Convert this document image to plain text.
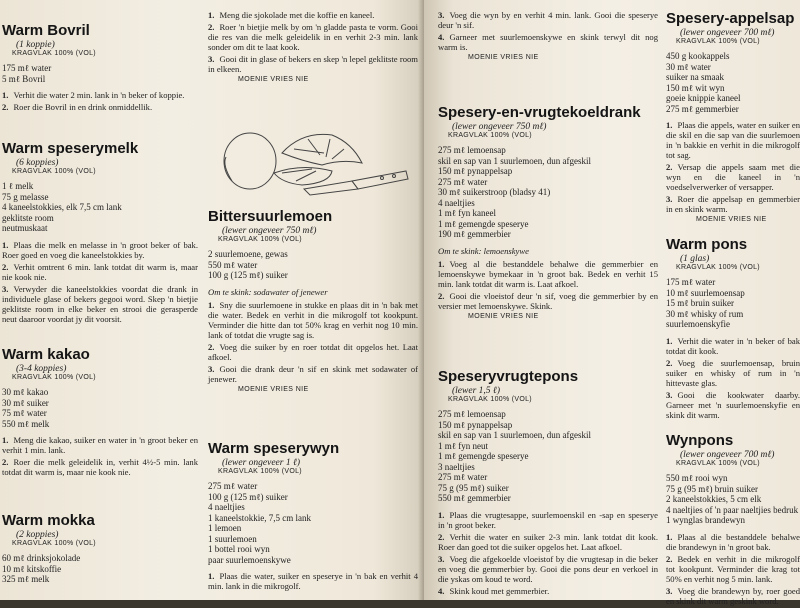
Warm Bovril
(1 koppie)
KRAGVLAK 100% (VOL)
175 mℓ water
5 mℓ Bovril
1. Verhit die water 2 min. lank in 'n beker of koppie.
2. Roer die Bovril in en drink onmiddellik.
Warm speserymelk
(6 koppies)
KRAGVLAK 100% (VOL)
1 ℓ melk
75 g melasse
4 kaneelstokkies, elk 7,5 cm lank
geklitste room
neutmuskaat
1. Plaas die melk en melasse in 'n groot beker of bak. Roer goed en voeg die kaneelstokkies by.
2. Verhit omtrent 6 min. lank totdat dit warm is, maar nie kook nie.
3. Verwyder die kaneelstokkies voordat die drank in individuele glase of bekers gegooi word. Skep 'n bietjie geklitste room in elke beker en strooi die gerasperde neut daaroor voordat jy dit voorsit.
Warm kakao
(3-4 koppies)
KRAGVLAK 100% (VOL)
30 mℓ kakao
30 mℓ suiker
75 mℓ water
550 mℓ melk
1. Meng die kakao, suiker en water in 'n groot beker en verhit 1 min. lank.
2. Roer die melk geleidelik in, verhit 4½-5 min. lank totdat dit warm is, maar nie kook nie.
Warm mokka
(2 koppies)
KRAGVLAK 100% (VOL)
60 mℓ drinksjokolade
10 mℓ kitskoffie
325 mℓ melk
1. Meng die sjokolade met die koffie en kaneel.
2. Roer 'n bietjie melk by om 'n gladde pasta te vorm. Gooi die res van die melk geleidelik in en verhit 2-3 min. lank sonder om dit te laat kook.
3. Gooi dit in glase of bekers en skep 'n lepel geklitste room in elkeen.
MOENIE VRIES NIE
Bittersuurlemoen
(lewer ongeveer 750 mℓ)
KRAGVLAK 100% (VOL)
2 suurlemoene, gewas
550 mℓ water
100 g (125 mℓ) suiker
Om te skink: sodawater of jenewer
1. Sny die suurlemoene in stukke en plaas dit in 'n bak met die water. Bedek en verhit in die mikrogolf tot kookpunt. Verminder die hitte dan tot 50% krag en verhit nog 10 min. lank of totdat die vrugte sag is.
2. Voeg die suiker by en roer totdat dit opgelos het. Laat afkoel.
3. Gooi die drank deur 'n sif en skink met sodawater of jenewer.
MOENIE VRIES NIE
Warm speserywyn
(lewer ongeveer 1 ℓ)
KRAGVLAK 100% (VOL)
275 mℓ water
100 g (125 mℓ) suiker
4 naeltjies
1 kaneelstokkie, 7,5 cm lank
1 lemoen
1 suurlemoen
1 bottel rooi wyn
paar suurlemoenskywe
1. Plaas die water, suiker en speserye in 'n bak en verhit 4 min. lank in die mikrogolf.
3. Voeg die wyn by en verhit 4 min. lank. Gooi die speserye deur 'n sif.
4. Garneer met suurlemoenskywe en skink terwyl dit nog warm is.
MOENIE VRIES NIE
Spesery-en-vrugtekoeldrank
(lewer ongeveer 750 mℓ)
KRAGVLAK 100% (VOL)
275 mℓ lemoensap
skil en sap van 1 suurlemoen, dun afgeskil
150 mℓ pynappelsap
275 mℓ water
30 mℓ suikerstroop (bladsy 41)
4 naeltjies
1 mℓ fyn kaneel
1 mℓ gemengde speserye
190 mℓ gemmerbier
Om te skink: lemoenskywe
1. Voeg al die bestanddele behalwe die gemmerbier en lemoenskywe bymekaar in 'n groot bak. Bedek en verhit 15 min. lank totdat dit warm is. Laat afkoel.
2. Gooi die vloeistof deur 'n sif, voeg die gemmerbier by en versier met lemoenskywe. Skink.
MOENIE VRIES NIE
Speseryvrugtepons
(lewer 1,5 ℓ)
KRAGVLAK 100% (VOL)
275 mℓ lemoensap
150 mℓ pynappelsap
skil en sap van 1 suurlemoen, dun afgeskil
1 mℓ fyn neut
1 mℓ gemengde speserye
3 naeltjies
275 mℓ water
75 g (95 mℓ) suiker
550 mℓ gemmerbier
1. Plaas die vrugtesappe, suurlemoenskil en -sap en speserye in 'n groot beker.
2. Verhit die water en suiker 2-3 min. lank totdat dit kook. Roer dan goed tot die suiker opgelos het. Laat afkoel.
3. Voeg die afgekoelde vloeistof by die vrugtesap in die beker en voeg die gemmerbier by. Gooi die pons deur en verkoel in die yskas om koud te word.
4. Skink koud met gemmerbier.
Spesery-appelsap
(lewer ongeveer 700 mℓ)
KRAGVLAK 100% (VOL)
450 g kookappels
30 mℓ water
suiker na smaak
150 mℓ wit wyn
goeie knippie kaneel
275 mℓ gemmerbier
1. Plaas die appels, water en suiker en die skil en die sap van die suurlemoen in 'n bakkie en verhit in die mikrogolf tot sag.
2. Versap die appels saam met die wyn en die kaneel in 'n voedselverwerker of versapper.
3. Roer die appelsap en gemmerbier in en skink warm.
MOENIE VRIES NIE
Warm pons
(1 glas)
KRAGVLAK 100% (VOL)
175 mℓ water
10 mℓ suurlemoensap
15 mℓ bruin suiker
30 mℓ whisky of rum
suurlemoenskyfie
1. Verhit die water in 'n beker of bak totdat dit kook.
2. Voeg die suurlemoensap, bruin suiker en whisky of rum in 'n hittevaste glas.
3. Gooi die kookwater daarby. Garneer met 'n suurlemoenskyfie en skink dit warm.
Wynpons
(lewer ongeveer 700 mℓ)
KRAGVLAK 100% (VOL)
550 mℓ rooi wyn
75 g (95 mℓ) bruin suiker
2 kaneelstokkies, 5 cm elk
4 naeltjies of 'n paar naeltjies bedruk
1 wynglas brandewyn
1. Plaas al die bestanddele behalwe die brandewyn in 'n groot bak.
2. Bedek en verhit in die mikrogolf tot kookpunt. Verminder die krag tot 50% en verhit nog 5 min. lank.
3. Voeg die brandewyn by, roer goed en skink dit warm geskink word.
